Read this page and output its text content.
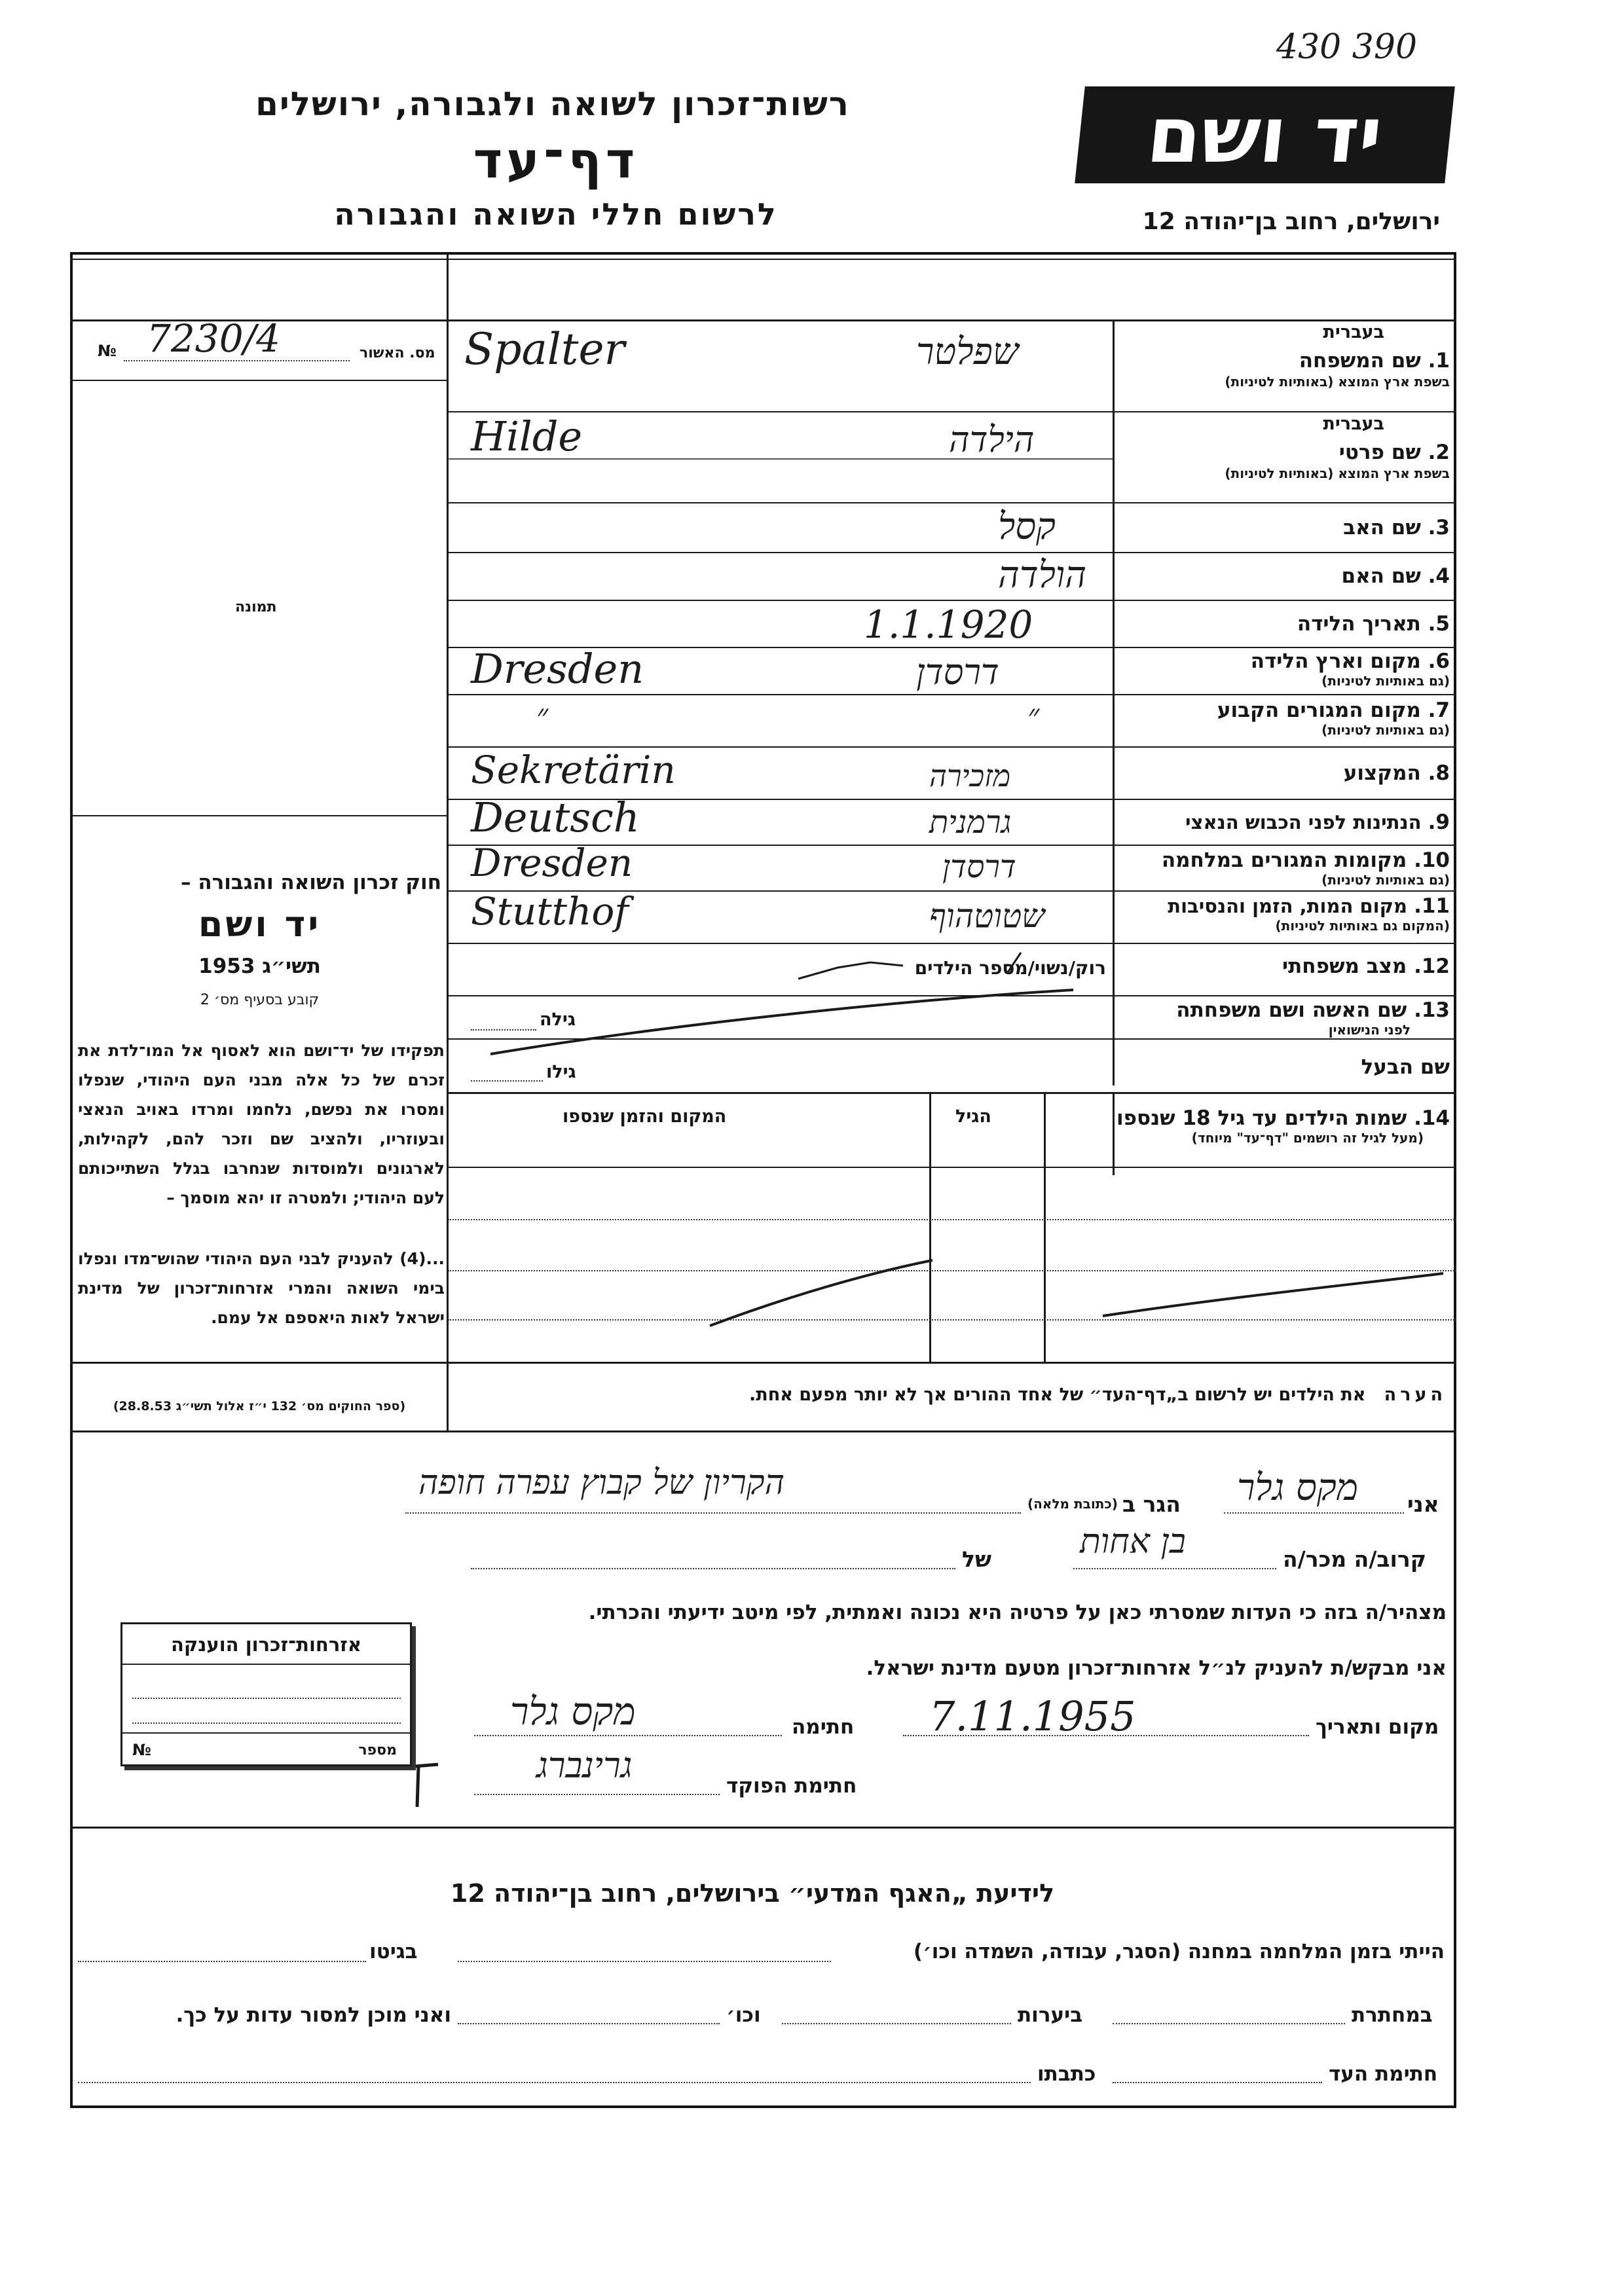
430 390
יד ושם
רשות־זכרון לשואה ולגבורה, ירושלים
דף־עד
לרשום חללי השואה והגבורה	ירושלים, רחוב בן־יהודה 12
מס. האשור
№ 7230/4
תמונה
חוק זכרון השואה והגבורה –
יד ושם
תשי״ג 1953
קובע בסעיף מס׳ 2
תפקידו של יד־ושם הוא לאסוף אל המו־לדת את זכרם של כל אלה מבני העם היהודי, שנפלו ומסרו את נפשם, נלחמו ומרדו באויב הנאצי ובעוזריו, ולהציב שם וזכר להם, לקהילות, לארגונים ולמוסדות שנחרבו בגלל השתייכותם לעם היהודי; ולמטרה זו יהא מוסמך –
...(4) להעניק לבני העם היהודי שהוש־מדו ונפלו בימי השואה והמרי אזרחות־זכרון של מדינת ישראל לאות היאספם אל עמם.
(ספר החוקים מס׳ 132 י״ז אלול תשי״ג 28.8.53)
בעברית
1. שם המשפחה
בשפת ארץ המוצא (באותיות לטיניות)
Spalter	שפלטר
בעברית
2. שם פרטי
בשפת ארץ המוצא (באותיות לטיניות)
Hilde	הילדה
3. שם האב
קסל
4. שם האם
הולדה
5. תאריך הלידה
1.1.1920
6. מקום וארץ הלידה
(גם באותיות לטיניות)
Dresden	דרסדן
7. מקום המגורים הקבוע
(גם באותיות לטיניות)
״	״
8. המקצוע
Sekretärin	מזכירה
9. הנתינות לפני הכבוש הנאצי
Deutsch	גרמנית
10. מקומות המגורים במלחמה
(גם באותיות לטיניות)
Dresden	דרסדן
11. מקום המות, הזמן והנסיבות
(המקום גם באותיות לטיניות)
Stutthof	שטוטהוף
12. מצב משפחתי
רוק/נשוי/מספר הילדים
13. שם האשה ושם משפחתה
לפני הנישואין
גילה
שם הבעל
גילו
14. שמות הילדים עד גיל 18 שנספו
(מעל לגיל זה רושמים "דף־עד" מיוחד)
הגיל
המקום והזמן שנספו
הערה   את הילדים יש לרשום ב„דף־העד״ של אחד ההורים אך לא יותר מפעם אחת.
אני
מקס גלר
הגר ב
(כתובת מלאה)
הקריון של קבוץ עפרה חופה
קרוב/ה מכר/ה
בן אחות
של
מצהיר/ה בזה כי העדות שמסרתי כאן על פרטיה היא נכונה ואמתית, לפי מיטב ידיעתי והכרתי.
אני מבקש/ת להעניק לנ״ל אזרחות־זכרון מטעם מדינת ישראל.
מקום ותאריך
7.11.1955
חתימה
מקס גלר
חתימת הפוקד
גרינברג
אזרחות־זכרון הוענקה
מספר
№
לידיעת „האגף המדעי״ בירושלים, רחוב בן־יהודה 12
הייתי בזמן המלחמה במחנה (הסגר, עבודה, השמדה וכו׳)
בגיטו
במחתרת
ביערות
וכו׳
ואני מוכן למסור עדות על כך.
חתימת העד
כתבתו
